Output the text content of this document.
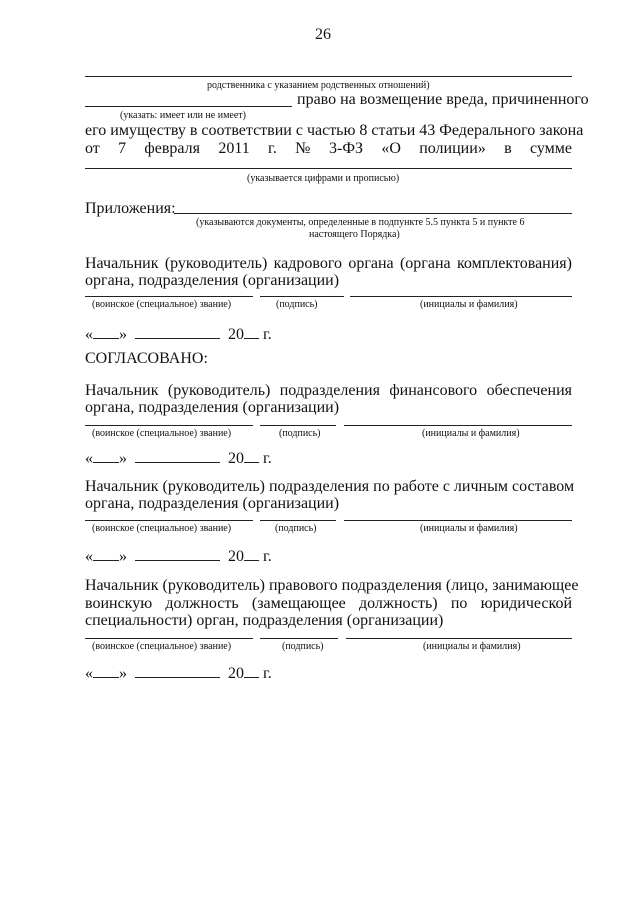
26
родственника с указанием родственных отношений)
право на возмещение вреда, причиненного
(указать: имеет или не имеет)
его имуществу в соответствии с частью 8 статьи 43 Федерального закона
от 7 февраля 2011 г. № 3-ФЗ «О полиции» в сумме
(указывается цифрами и прописью)
Приложения:
(указываются документы, определенные в подпункте 5.5 пункта 5 и пункте 6
настоящего Порядка)
Начальник (руководитель) кадрового органа (органа комплектования)
органа, подразделения (организации)
(воинское (специальное) звание)	(подпись)	(инициалы и фамилия)
« »	20 г.
СОГЛАСОВАНО:
Начальник (руководитель) подразделения финансового обеспечения
органа, подразделения (организации)
(воинское (специальное) звание)	(подпись)	(инициалы и фамилия)
« »	20 г.
Начальник (руководитель) подразделения по работе с личным составом
органа, подразделения (организации)
(воинское (специальное) звание)	(подпись)	(инициалы и фамилия)
« »	20 г.
Начальник (руководитель) правового подразделения (лицо, занимающее
воинскую должность (замещающее должность) по юридической
специальности) орган, подразделения (организации)
(воинское (специальное) звание)	(подпись)	(инициалы и фамилия)
« »	20 г.
